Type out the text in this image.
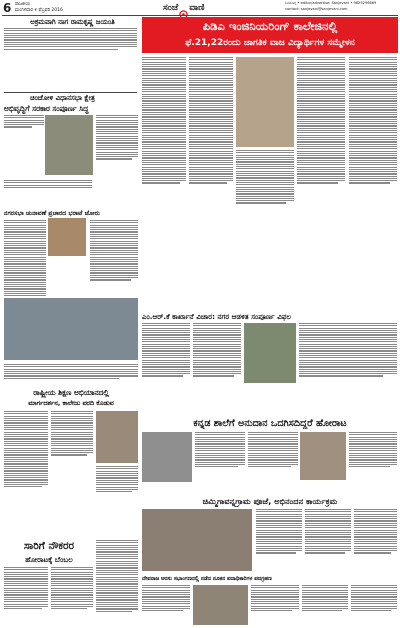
6 ರಾಜಕೀಯ
ಮಂಗಳವಾರ ೪ ಫೆಬ್ರವರಿ 2016	ಸಂಜೆ ವಾಣಿ	ಶಿವಮೊಗ್ಗ • editor/advertise: Sanjevani • 9829296669
contact: sanjevani@sanjevani.com
ಪಿಡಿಎ ಇಂಜಿನಿಯರಿಂಗ್ ಕಾಲೇಜಿನಲ್ಲಿ
ಫೆ.21,22ರಂದು ಜಾಗತಿಕ ವಾಜ ವಿದ್ಯಾರ್ಥಿಗಳ ಸಮ್ಮೇಳನ
ಅಕ್ರಮವಾಗಿ ನಾಗ ರಾಮಕೃಷ್ಣ ಜಯಂತಿ
ಚಿಂಚೋಳಿ ವಿಧಾನಸಭಾ ಕ್ಷೇತ್ರ
ಅಭಿವೃದ್ಧಿಗೆ ಸರಕಾರ ಸಂಪೂರ್ಣ ಸಿದ್ಧ
ನಗರಸಭಾ ಚುನಾವಣೆ ಪ್ರಚಾರದ ಭರಾಟೆ ಜೋರು
ಎಂ.ಆರ್.ಕೆ ಕಾರ್ಖಾನೆ ವಿಚಾರ: ನಗರ ಆಡಳಿತ ಸಂಪೂರ್ಣ ವಿಫಲ
ಕನ್ನಡ ಶಾಲೆಗೆ ಅನುದಾನ ಒದಗಿಸದಿದ್ದರೆ ಹೋರಾಟ
ಚಿಮ್ಮಿಗಾವನ್ನಗ್ರಾಮ ಪೂಜೆ, ಅಭಿನಂದನ ಕಾರ್ಯಕ್ರಮ
ರಾಷ್ಟ್ರೀಯ ಶಿಕ್ಷಣ ಅಭಿಯಾನದಲ್ಲಿ
ಮಾರ್ಗದರ್ಶನ, ಕಾಲೇಜು ವರದಿ ಕೊಡುವ
ಸಾರಿಗೆ ನೌಕರರ
ಹೋರಾಟಕ್ಕೆ ಬೆಂಬಲ
ದೇವರಾಜ ಅರಸು ಸಭಾಂಗಣದಲ್ಲಿ ನಡೆದ ನೂತನ ಪದಾಧಿಕಾರಿಗಳ ಪದಗ್ರಹಣ
